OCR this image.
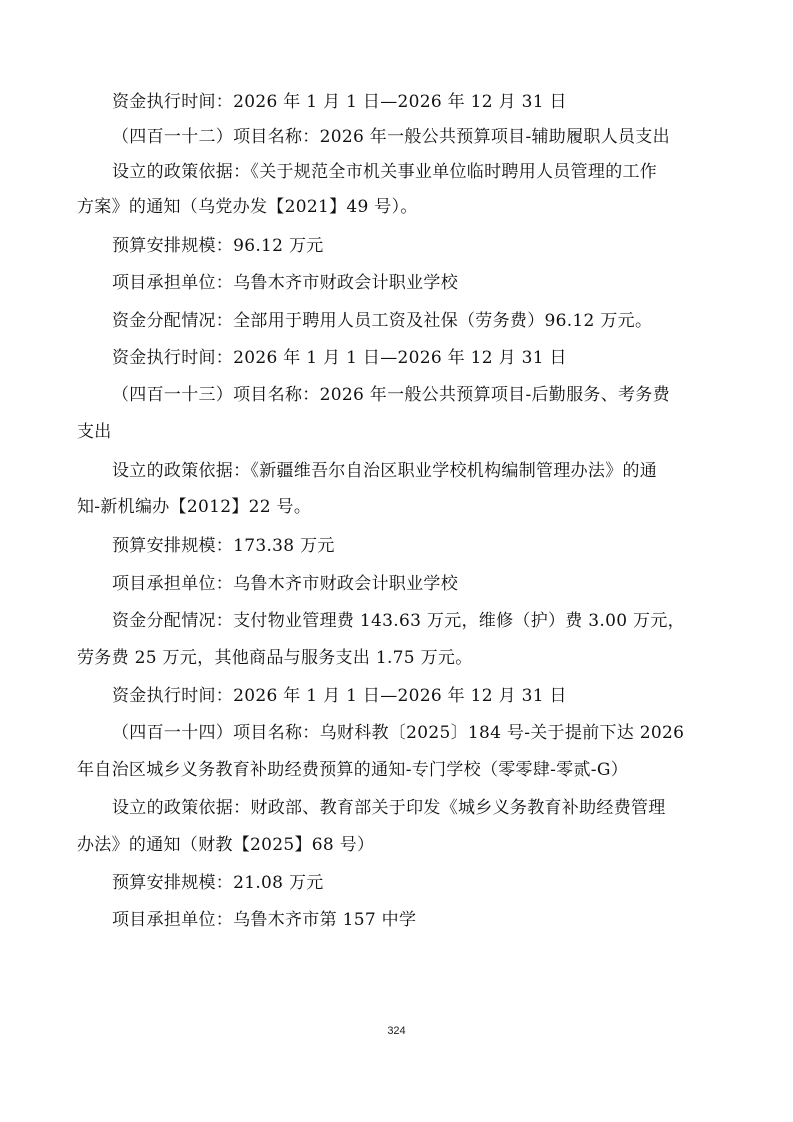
资金执行时间：2026 年 1 月 1 日—2026 年 12 月 31 日
（四百一十二）项目名称：2026 年一般公共预算项目-辅助履职人员支出
设立的政策依据：《关于规范全市机关事业单位临时聘用人员管理的工作
方案》的通知（乌党办发【2021】49 号）。
预算安排规模：96.12 万元
项目承担单位：乌鲁木齐市财政会计职业学校
资金分配情况：全部用于聘用人员工资及社保（劳务费）96.12 万元。
资金执行时间：2026 年 1 月 1 日—2026 年 12 月 31 日
（四百一十三）项目名称：2026 年一般公共预算项目-后勤服务、考务费
支出
设立的政策依据：《新疆维吾尔自治区职业学校机构编制管理办法》的通
知-新机编办【2012】22 号。
预算安排规模：173.38 万元
项目承担单位：乌鲁木齐市财政会计职业学校
资金分配情况：支付物业管理费 143.63 万元，维修（护）费 3.00 万元，
劳务费 25 万元，其他商品与服务支出 1.75 万元。
资金执行时间：2026 年 1 月 1 日—2026 年 12 月 31 日
（四百一十四）项目名称：乌财科教〔2025〕184 号-关于提前下达 2026
年自治区城乡义务教育补助经费预算的通知-专门学校（零零肆-零贰-G）
设立的政策依据：财政部、教育部关于印发《城乡义务教育补助经费管理
办法》的通知（财教【2025】68 号）
预算安排规模：21.08 万元
项目承担单位：乌鲁木齐市第 157 中学
324
